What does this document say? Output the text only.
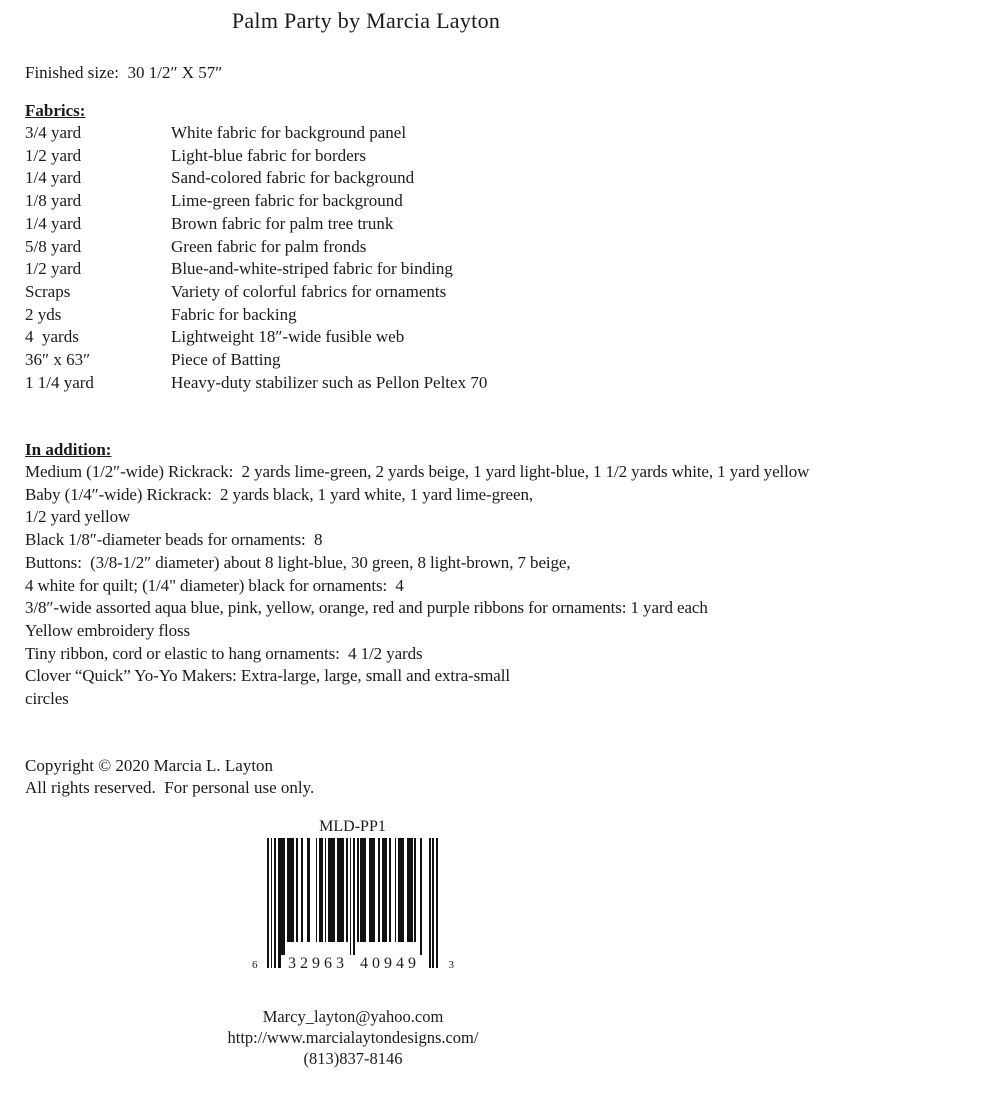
Palm Party by Marcia Layton
Finished size:  30 1/2″ X 57″
Fabrics:
3/4 yard	White fabric for background panel
1/2 yard	Light-blue fabric for borders
1/4 yard	Sand-colored fabric for background
1/8 yard	Lime-green fabric for background
1/4 yard	Brown fabric for palm tree trunk
5/8 yard	Green fabric for palm fronds
1/2 yard	Blue-and-white-striped fabric for binding
Scraps	Variety of colorful fabrics for ornaments
2 yds	Fabric for backing
4  yards	Lightweight 18″-wide fusible web
36″ x 63″	Piece of Batting
1 1/4 yard	Heavy-duty stabilizer such as Pellon Peltex 70
In addition:
Medium (1/2″-wide) Rickrack:  2 yards lime-green, 2 yards beige, 1 yard light-blue, 1 1/2 yards white, 1 yard yellow
Baby (1/4″-wide) Rickrack:  2 yards black, 1 yard white, 1 yard lime-green,
1/2 yard yellow
Black 1/8″-diameter beads for ornaments:  8
Buttons:  (3/8-1/2″ diameter) about 8 light-blue, 30 green, 8 light-brown, 7 beige,
4 white for quilt; (1/4" diameter) black for ornaments:  4
3/8″-wide assorted aqua blue, pink, yellow, orange, red and purple ribbons for ornaments: 1 yard each
Yellow embroidery floss
Tiny ribbon, cord or elastic to hang ornaments:  4 1/2 yards
Clover “Quick” Yo-Yo Makers: Extra-large, large, small and extra-small
circles
Copyright © 2020 Marcia L. Layton
All rights reserved.  For personal use only.
MLD-PP1
6	32963 40949	3
Marcy_layton@yahoo.com
http://www.marcialaytondesigns.com/
(813)837-8146
